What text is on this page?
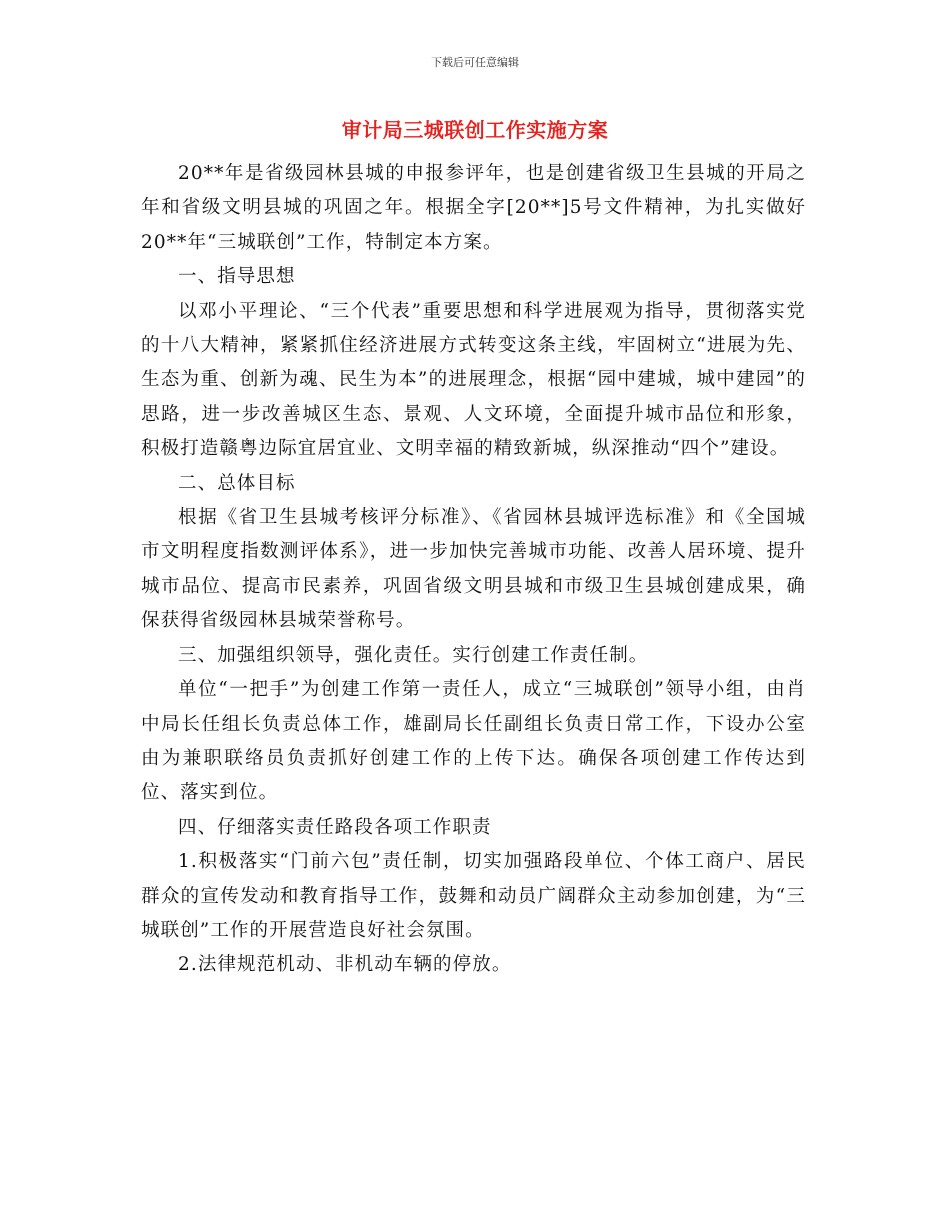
下载后可任意编辑
审计局三城联创工作实施方案

20**年是省级园林县城的申报参评年，也是创建省级卫生县城的开局之年和省级文明县城的巩固之年。根据全字[20**]5号文件精神，为扎实做好20**年“三城联创”工作，特制定本方案。

一、指导思想

以邓小平理论、“三个代表”重要思想和科学进展观为指导，贯彻落实党的十八大精神，紧紧抓住经济进展方式转变这条主线，牢固树立“进展为先、生态为重、创新为魂、民生为本”的进展理念，根据“园中建城，城中建园”的思路，进一步改善城区生态、景观、人文环境，全面提升城市品位和形象，积极打造赣粤边际宜居宜业、文明幸福的精致新城，纵深推动“四个”建设。

二、总体目标

根据《省卫生县城考核评分标准》、《省园林县城评选标准》和《全国城市文明程度指数测评体系》，进一步加快完善城市功能、改善人居环境、提升城市品位、提高市民素养，巩固省级文明县城和市级卫生县城创建成果，确保获得省级园林县城荣誉称号。

三、加强组织领导，强化责任。实行创建工作责任制。

单位“一把手”为创建工作第一责任人，成立“三城联创”领导小组，由肖中局长任组长负责总体工作，雄副局长任副组长负责日常工作，下设办公室由为兼职联络员负责抓好创建工作的上传下达。确保各项创建工作传达到位、落实到位。

四、仔细落实责任路段各项工作职责

1.积极落实“门前六包”责任制，切实加强路段单位、个体工商户、居民群众的宣传发动和教育指导工作，鼓舞和动员广阔群众主动参加创建，为“三城联创”工作的开展营造良好社会氛围。

2.法律规范机动、非机动车辆的停放。
